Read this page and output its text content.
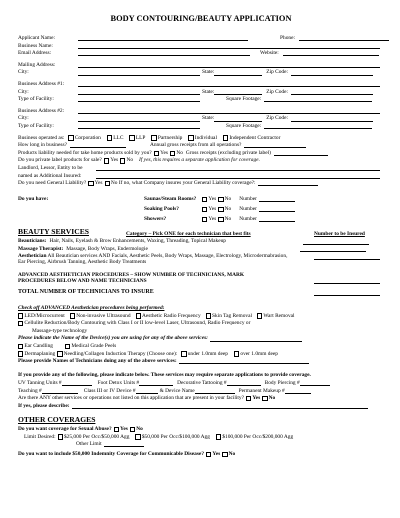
BODY CONTOURING/BEAUTY APPLICATION
Applicant Name:	Phone:
Business Name:
Email Address:	Website:
Mailing Address:
City:	State:	Zip Code:
Business Address #1:
City:	State:	Zip Code:
Type of Facility:	Square Footage:
Business Address #2:
City:	State:	Zip Code:
Type of Facility:	Square Footage:
Business operated as: Corporation LLC LLP Partnership Individual Independent Contractor
How long in business?	Annual gross receipts from all operations?
Products liability needed for take home products sold by you? Yes No Gross receipts (excluding private label)
Do you private label products for sale? Yes No If yes, this requires a separate application for coverage.
Landlord, Lessor, Entity to be
named as Additional Insured:
Do you need General Liability? Yes No If no, what Company insures your General Liability coverage?:
Do you have:	Saunas/Steam Rooms?	Yes No Number
Soaking Pools?	Yes No Number
Showers?	Yes No Number
BEAUTY SERVICES	Category – Pick ONE for each technician that best fits	Number to be Insured
Beauticians: Hair, Nails, Eyelash & Brow Enhancements, Waxing, Threading, Topical Makeup
Massage Therapist: Massage, Body Wraps, Endermologie
Aesthetician All Beautician services AND Facials, Aesthetic Peels, Body Wraps, Massage, Electrology, Microdermabrasion, Ear Piercing, Airbrush Tanning, Aesthetic Body Treatments
ADVANCED AESTHETICIAN PROCEDURES – SHOW NUMBER OF TECHNICIANS, MARK
PROCEDURES BELOW AND NAME TECHNICIANS
TOTAL NUMBER OF TECHNICIANS TO INSURE
Check off ADVANCED Aesthetician procedures being performed:
LED/Microcurrent Non-invasive Ultrasound Aesthetic Radio Frequency Skin Tag Removal Wart Removal
Cellulite Reduction/Body Contouring with Class I or II low-level Laser, Ultrasound, Radio Frequency or
Massage-type technology
Please indicate the Name of the Device(s) you are using for any of the above services:
Ear Candling	Medical Grade Peels
Dermaplaning Needling/Collagen Induction Therapy (Choose one): under 1.0mm deep over 1.0mm deep
Please provide Names of Technicians doing any of the above services:
If you provide any of the following, please indicate below. These services may require separate applications to provide coverage.
UV Tanning Units #	Foot Detox Units #	Decorative Tattooing #	Body Piercing #
Teaching #	Class III or IV Device #	& Device Name	Permanent Makeup #
Are there ANY other services or operations not listed on this application that are present in your facility? Yes No
If yes, please describe:
OTHER COVERAGES
Do you want coverage for Sexual Abuse? Yes No
Limit Desired: $25,000 Per Occ/$50,000 Agg $50,000 Per Occ/$100,000 Agg $100,000 Per Occ/$200,000 Agg
Other Limit
Do you want to include $50,000 Indemnity Coverage for Communicable Disease? Yes No
